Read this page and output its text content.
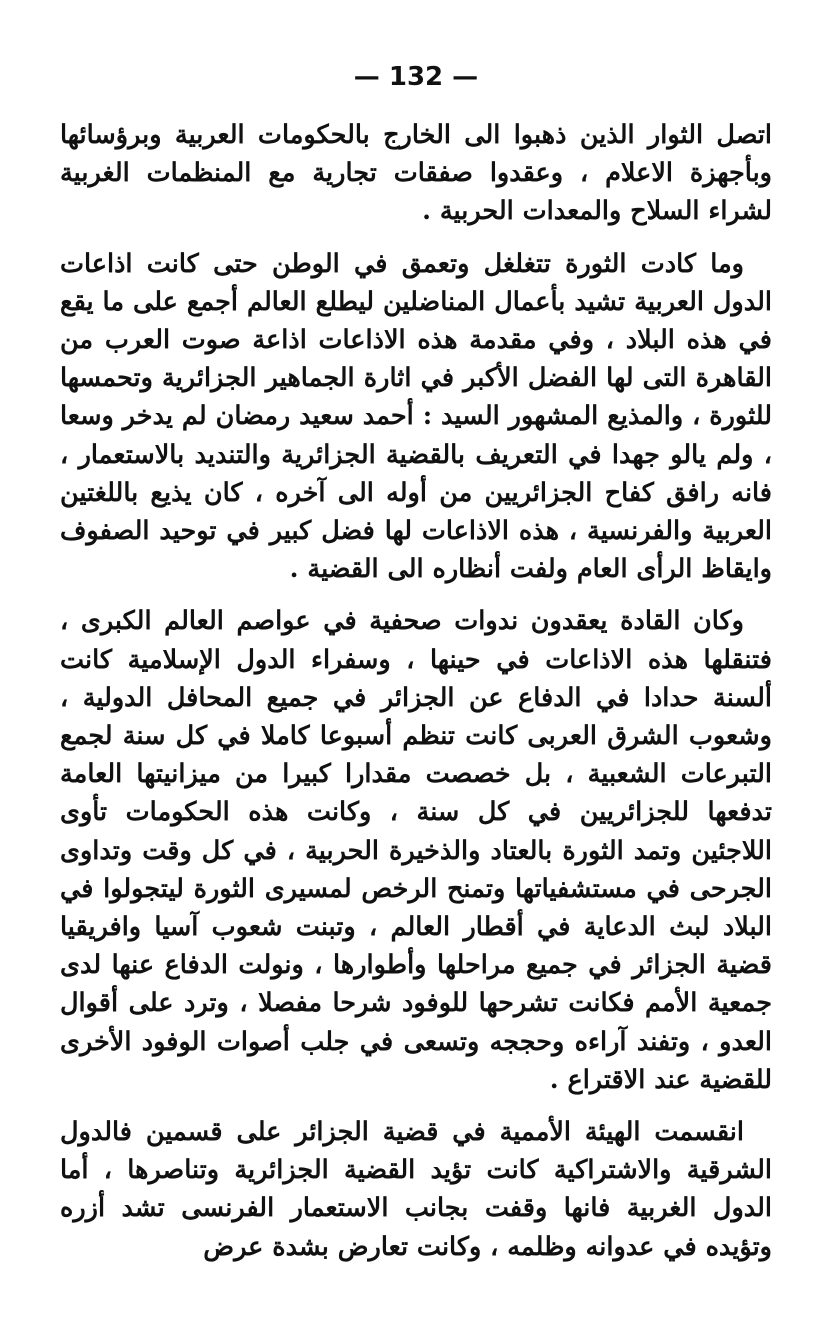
— 132 —

اتصل الثوار الذين ذهبوا الى الخارج بالحكومات العربية وبرؤسائها وبأجهزة الاعلام ، وعقدوا صفقات تجارية مع المنظمات الغربية لشراء السلاح والمعدات الحربية .

وما كادت الثورة تتغلغل وتعمق في الوطن حتى كانت اذاعات الدول العربية تشيد بأعمال المناضلين ليطلع العالم أجمع على ما يقع في هذه البلاد ، وفي مقدمة هذه الاذاعات اذاعة صوت العرب من القاهرة التى لها الفضل الأكبر في اثارة الجماهير الجزائرية وتحمسها للثورة ، والمذيع المشهور السيد : أحمد سعيد رمضان لم يدخر وسعا ، ولم يالو جهدا في التعريف بالقضية الجزائرية والتنديد بالاستعمار ، فانه رافق كفاح الجزائريين من أوله الى آخره ، كان يذيع باللغتين العربية والفرنسية ، هذه الاذاعات لها فضل كبير في توحيد الصفوف وايقاظ الرأى العام ولفت أنظاره الى القضية .

وكان القادة يعقدون ندوات صحفية في عواصم العالم الكبرى ، فتنقلها هذه الاذاعات في حينها ، وسفراء الدول الإسلامية كانت ألسنة حدادا في الدفاع عن الجزائر في جميع المحافل الدولية ، وشعوب الشرق العربى كانت تنظم أسبوعا كاملا في كل سنة لجمع التبرعات الشعبية ، بل خصصت مقدارا كبيرا من ميزانيتها العامة تدفعها للجزائريين في كل سنة ، وكانت هذه الحكومات تأوى اللاجئين وتمد الثورة بالعتاد والذخيرة الحربية ، في كل وقت وتداوى الجرحى في مستشفياتها وتمنح الرخص لمسيرى الثورة ليتجولوا في البلاد لبث الدعاية في أقطار العالم ، وتبنت شعوب آسيا وافريقيا قضية الجزائر في جميع مراحلها وأطوارها ، ونولت الدفاع عنها لدى جمعية الأمم فكانت تشرحها للوفود شرحا مفصلا ، وترد على أقوال العدو ، وتفند آراءه وحججه وتسعى في جلب أصوات الوفود الأخرى للقضية عند الاقتراع .

انقسمت الهيئة الأممية في قضية الجزائر على قسمين فالدول الشرقية والاشتراكية كانت تؤيد القضية الجزائرية وتناصرها ، أما الدول الغربية فانها وقفت بجانب الاستعمار الفرنسى تشد أزره وتؤيده في عدوانه وظلمه ، وكانت تعارض بشدة عرض
